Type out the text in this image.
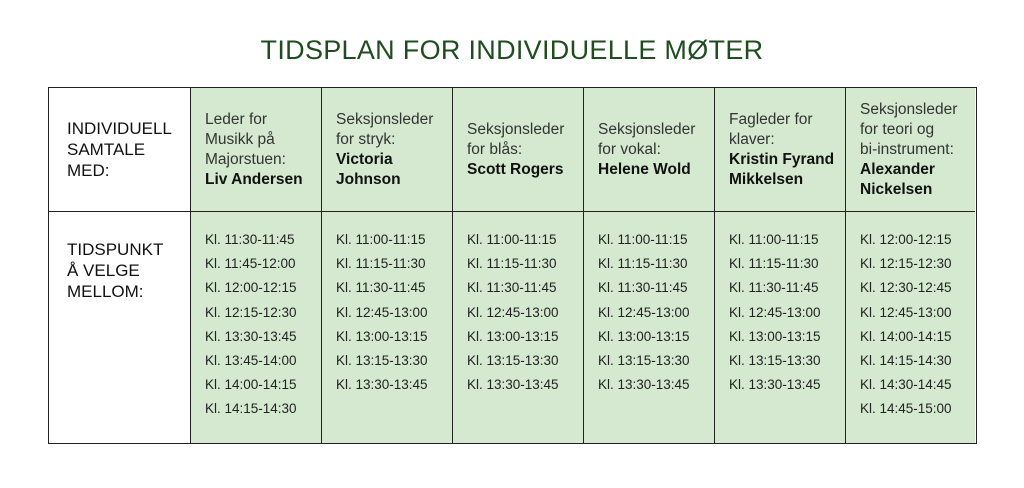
TIDSPLAN FOR INDIVIDUELLE MØTER
INDIVIDUELL
SAMTALE
MED:
TIDSPUNKT
Å VELGE
MELLOM:
Leder for
Musikk på
Majorstuen:
Liv Andersen
Kl. 11:30-11:45
Kl. 11:45-12:00
Kl. 12:00-12:15
Kl. 12:15-12:30
Kl. 13:30-13:45
Kl. 13:45-14:00
Kl. 14:00-14:15
Kl. 14:15-14:30
Seksjonsleder
for stryk:
Victoria Johnson
Kl. 11:00-11:15
Kl. 11:15-11:30
Kl. 11:30-11:45
Kl. 12:45-13:00
Kl. 13:00-13:15
Kl. 13:15-13:30
Kl. 13:30-13:45
Seksjonsleder
for blås:
Scott Rogers
Kl. 11:00-11:15
Kl. 11:15-11:30
Kl. 11:30-11:45
Kl. 12:45-13:00
Kl. 13:00-13:15
Kl. 13:15-13:30
Kl. 13:30-13:45
Seksjonsleder
for vokal:
Helene Wold
Kl. 11:00-11:15
Kl. 11:15-11:30
Kl. 11:30-11:45
Kl. 12:45-13:00
Kl. 13:00-13:15
Kl. 13:15-13:30
Kl. 13:30-13:45
Fagleder for
klaver:
Kristin Fyrand
Mikkelsen
Kl. 11:00-11:15
Kl. 11:15-11:30
Kl. 11:30-11:45
Kl. 12:45-13:00
Kl. 13:00-13:15
Kl. 13:15-13:30
Kl. 13:30-13:45
Seksjonsleder
for teori og
bi-instrument:
Alexander
Nickelsen
Kl. 12:00-12:15
Kl. 12:15-12:30
Kl. 12:30-12:45
Kl. 12:45-13:00
Kl. 14:00-14:15
Kl. 14:15-14:30
Kl. 14:30-14:45
Kl. 14:45-15:00
